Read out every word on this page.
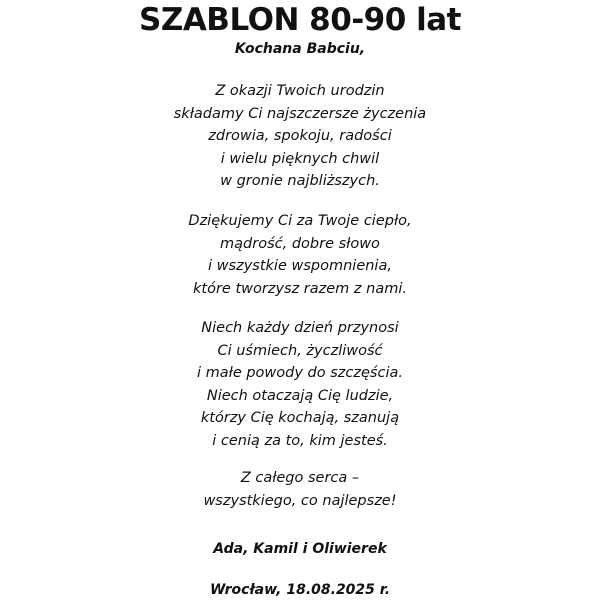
SZABLON 80-90 lat
Kochana Babciu,
Z okazji Twoich urodzin
składamy Ci najszczersze życzenia
zdrowia, spokoju, radości
i wielu pięknych chwil
w gronie najbliższych.
Dziękujemy Ci za Twoje ciepło,
mądrość, dobre słowo
i wszystkie wspomnienia,
które tworzysz razem z nami.
Niech każdy dzień przynosi
Ci uśmiech, życzliwość
i małe powody do szczęścia.
Niech otaczają Cię ludzie,
którzy Cię kochają, szanują
i cenią za to, kim jesteś.
Z całego serca –
wszystkiego, co najlepsze!
Ada, Kamil i Oliwierek
Wrocław, 18.08.2025 r.
